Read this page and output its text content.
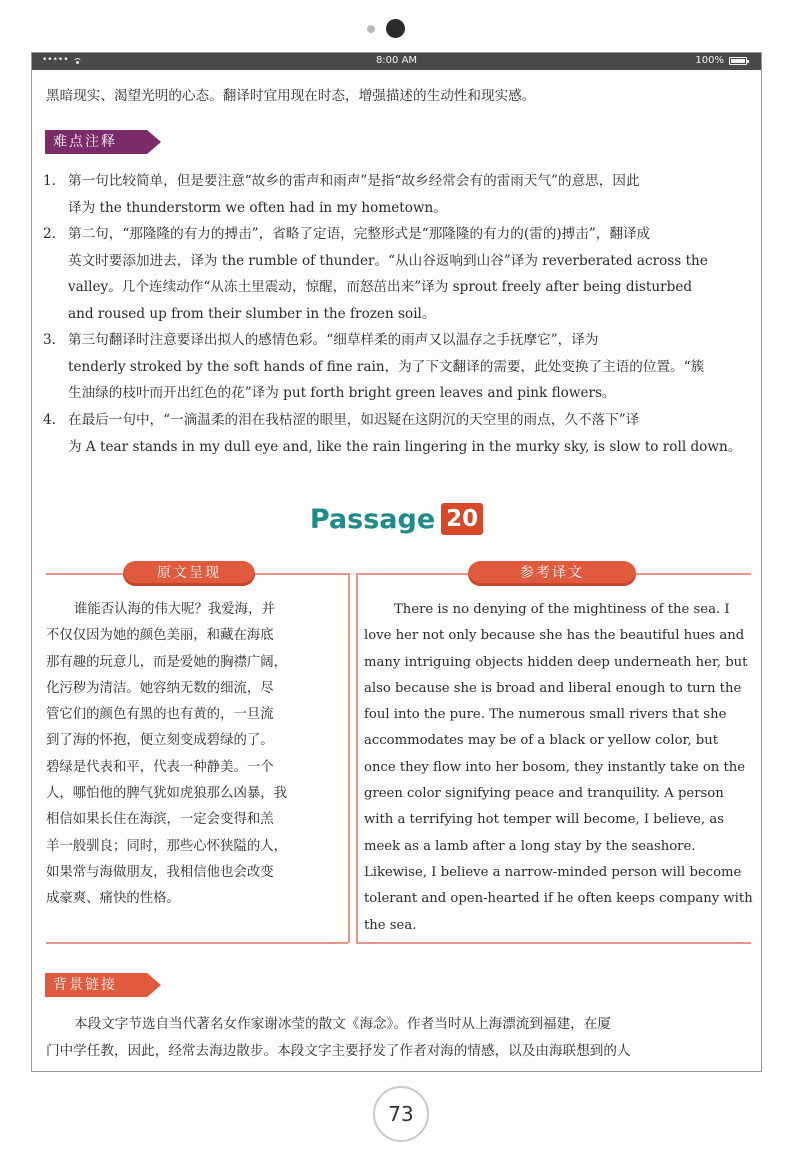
•••••	8:00 AM	100%
黑暗现实、渴望光明的心态。翻译时宜用现在时态，增强描述的生动性和现实感。
难点注释
1. 第一句比较简单，但是要注意“故乡的雷声和雨声”是指“故乡经常会有的雷雨天气”的意思，因此
译为 the thunderstorm we often had in my hometown。
2. 第二句，“那隆隆的有力的搏击”，省略了定语，完整形式是“那隆隆的有力的(雷的)搏击”，翻译成
英文时要添加进去，译为 the rumble of thunder。“从山谷返响到山谷”译为 reverberated across the
valley。几个连续动作“从冻土里震动，惊醒，而怒茁出来”译为 sprout freely after being disturbed
and roused up from their slumber in the frozen soil。
3. 第三句翻译时注意要译出拟人的感情色彩。“细草样柔的雨声又以温存之手抚摩它”，译为
tenderly stroked by the soft hands of fine rain，为了下文翻译的需要，此处变换了主语的位置。“簇
生油绿的枝叶而开出红色的花”译为 put forth bright green leaves and pink flowers。
4. 在最后一句中，“一滴温柔的泪在我枯涩的眼里，如迟疑在这阴沉的天空里的雨点，久不落下”译
为 A tear stands in my dull eye and, like the rain lingering in the murky sky, is slow to roll down。
Passage 20
原文呈现	参考译文
谁能否认海的伟大呢？我爱海，并
不仅仅因为她的颜色美丽，和藏在海底
那有趣的玩意儿，而是爱她的胸襟广阔，
化污秽为清洁。她容纳无数的细流，尽
管它们的颜色有黑的也有黄的，一旦流
到了海的怀抱，便立刻变成碧绿的了。
碧绿是代表和平，代表一种静美。一个
人，哪怕他的脾气犹如虎狼那么凶暴，我
相信如果长住在海滨，一定会变得和羔
羊一般驯良；同时，那些心怀狭隘的人，
如果常与海做朋友，我相信他也会改变
成豪爽、痛快的性格。
There is no denying of the mightiness of the sea. I
love her not only because she has the beautiful hues and
many intriguing objects hidden deep underneath her, but
also because she is broad and liberal enough to turn the
foul into the pure. The numerous small rivers that she
accommodates may be of a black or yellow color, but
once they flow into her bosom, they instantly take on the
green color signifying peace and tranquility. A person
with a terrifying hot temper will become, I believe, as
meek as a lamb after a long stay by the seashore.
Likewise, I believe a narrow-minded person will become
tolerant and open-hearted if he often keeps company with
the sea.
背景链接
本段文字节选自当代著名女作家谢冰莹的散文《海念》。作者当时从上海漂流到福建，在厦
门中学任教，因此，经常去海边散步。本段文字主要抒发了作者对海的情感，以及由海联想到的人
73
